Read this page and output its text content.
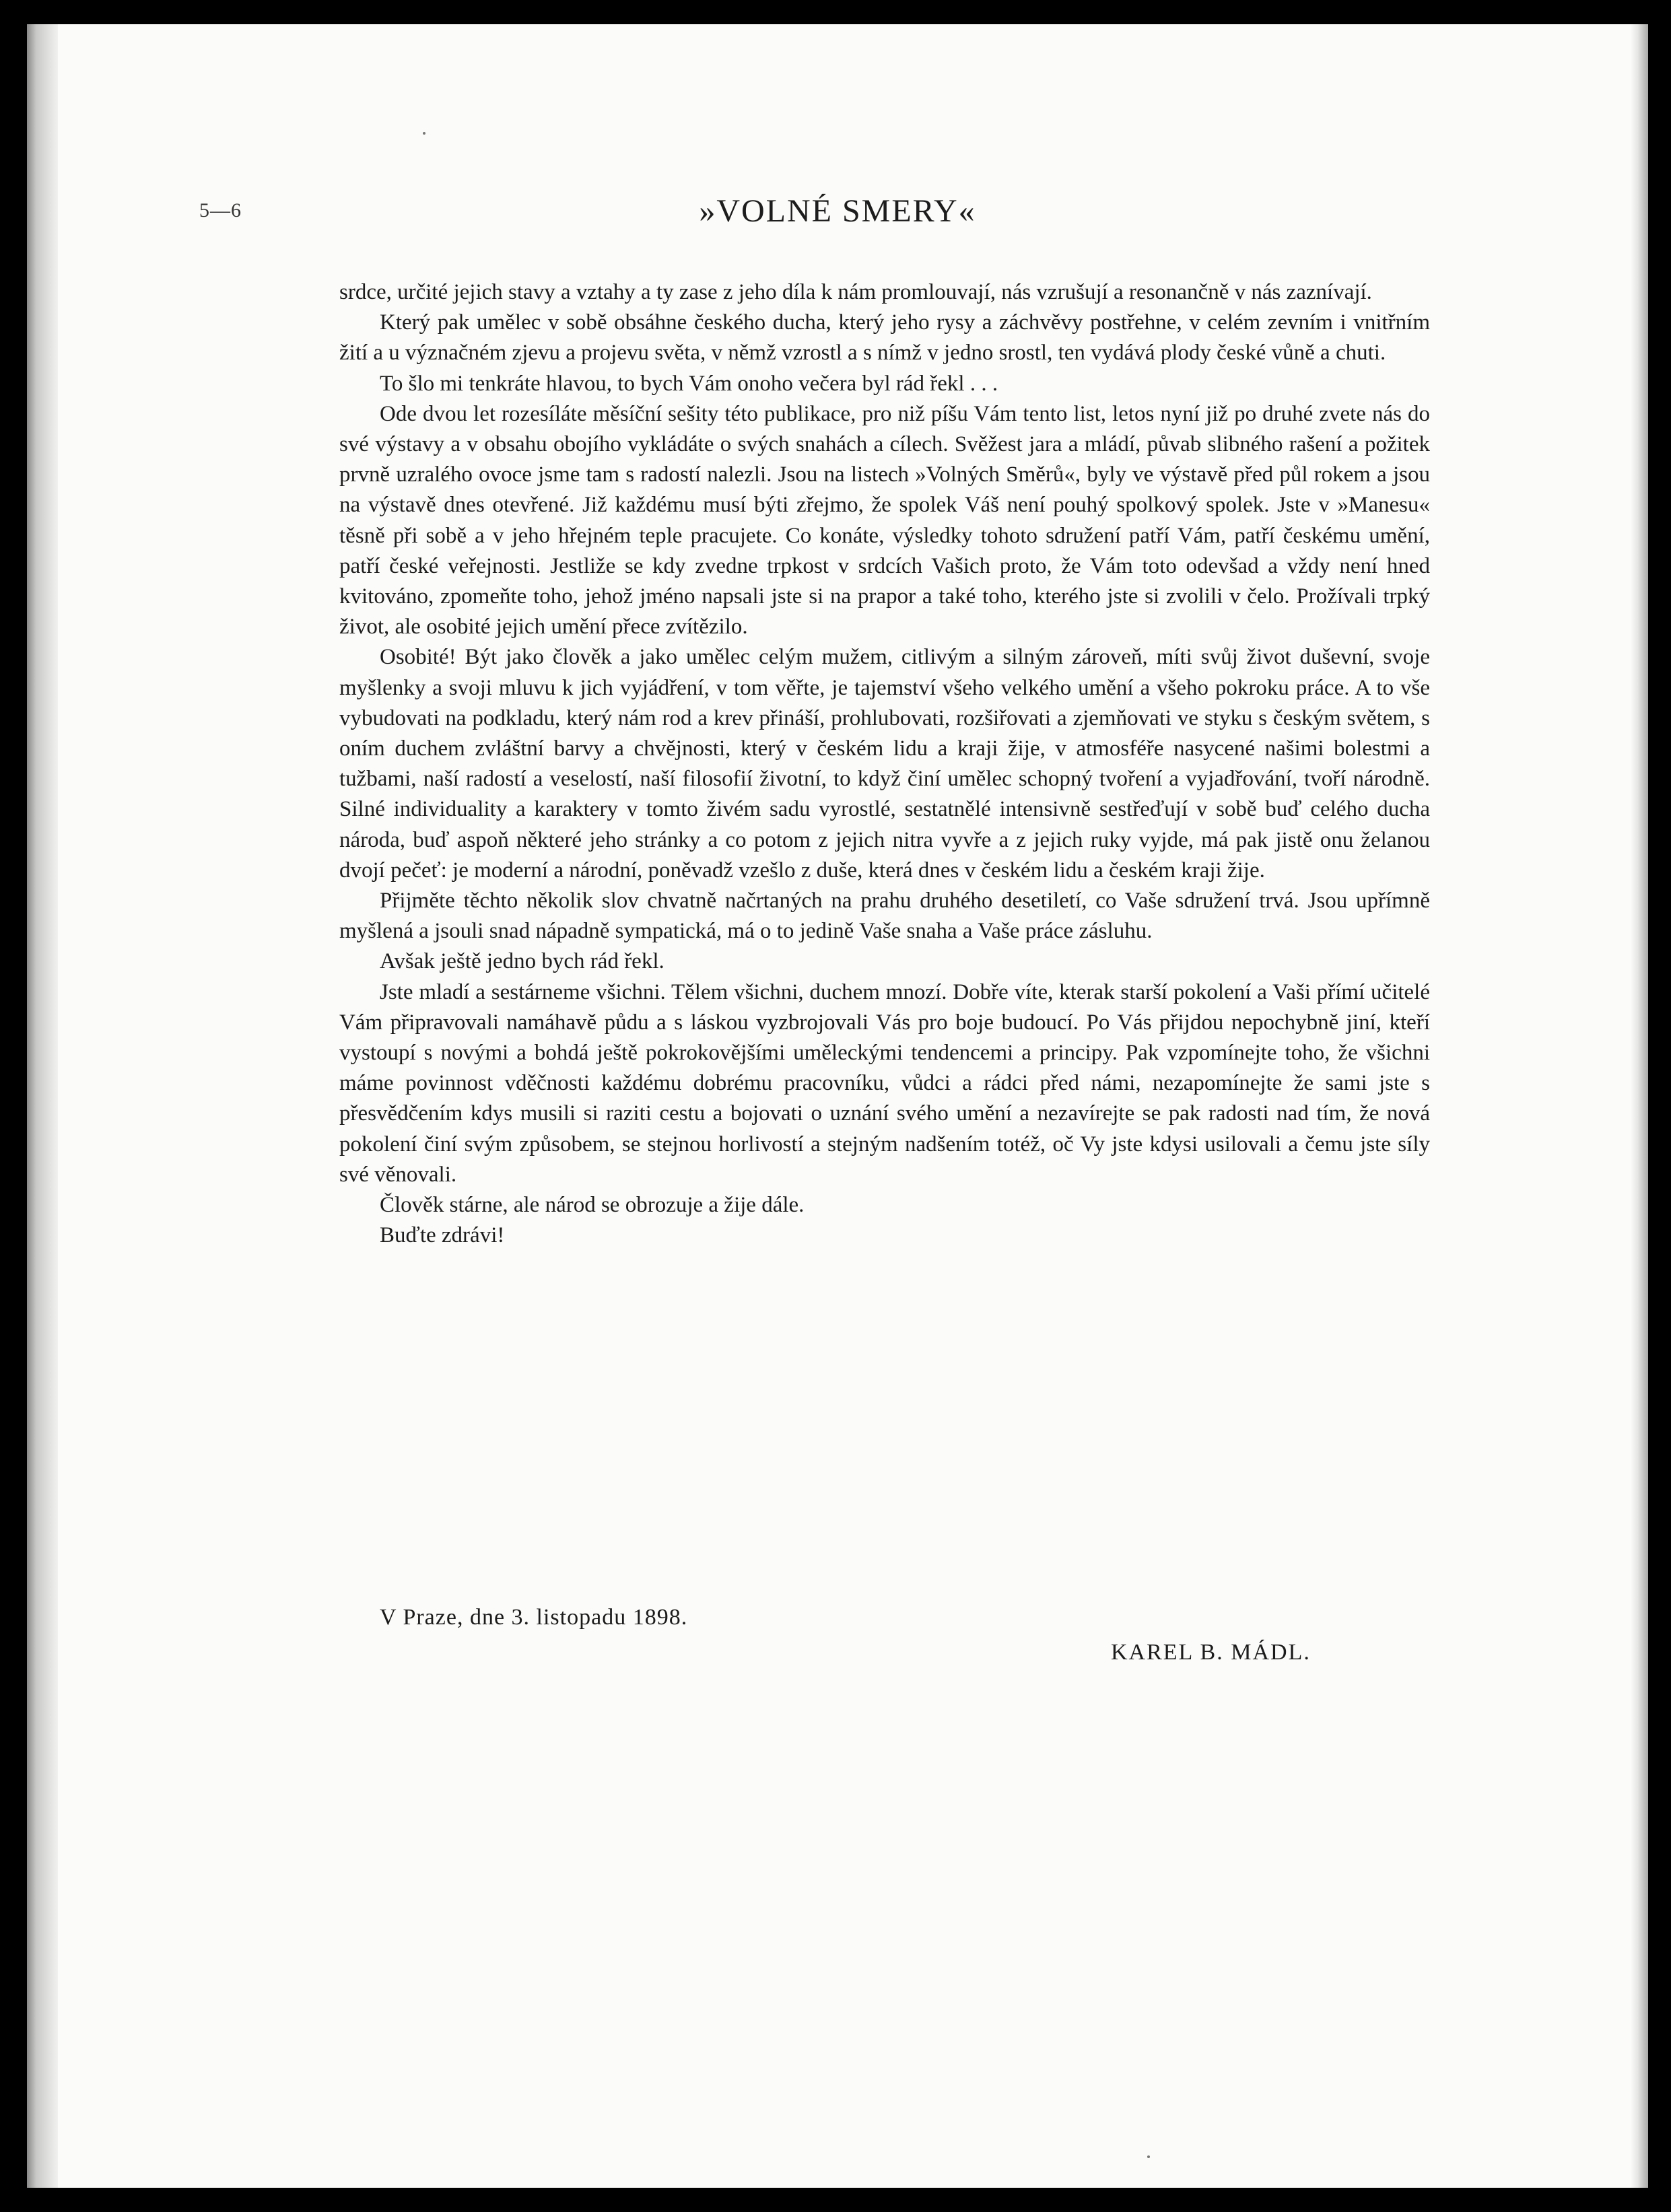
5—6	»VOLNÉ SMERY«

srdce, určité jejich stavy a vztahy a ty zase z jeho díla k nám promlouvají, nás vzrušují a resonančně v nás zaznívají.

Který pak umělec v sobě obsáhne českého ducha, který jeho rysy a záchvěvy postřehne, v celém zevním i vnitřním žití a u význačném zjevu a projevu světa, v němž vzrostl a s nímž v jedno srostl, ten vydává plody české vůně a chuti.

To šlo mi tenkráte hlavou, to bych Vám onoho večera byl rád řekl . . .

Ode dvou let rozesíláte měsíční sešity této publikace, pro niž píšu Vám tento list, letos nyní již po druhé zvete nás do své výstavy a v obsahu obojího vykládáte o svých snahách a cílech. Svěžest jara a mládí, půvab slibného rašení a požitek prvně uzralého ovoce jsme tam s radostí nalezli. Jsou na listech »Volných Směrů«, byly ve výstavě před půl rokem a jsou na výstavě dnes otevřené. Již každému musí býti zřejmo, že spolek Váš není pouhý spolkový spolek. Jste v »Manesu« těsně při sobě a v jeho hřejném teple pracujete. Co konáte, výsledky tohoto sdružení patří Vám, patří českému umění, patří české veřejnosti. Jestliže se kdy zvedne trpkost v srdcích Vašich proto, že Vám toto odevšad a vždy není hned kvitováno, zpomeňte toho, jehož jméno napsali jste si na prapor a také toho, kterého jste si zvolili v čelo. Prožívali trpký život, ale osobité jejich umění přece zvítězilo.

Osobité! Být jako člověk a jako umělec celým mužem, citlivým a silným zároveň, míti svůj život duševní, svoje myšlenky a svoji mluvu k jich vyjádření, v tom věřte, je tajemství všeho velkého umění a všeho pokroku práce. A to vše vybudovati na podkladu, který nám rod a krev přináší, prohlubovati, rozšiřovati a zjemňovati ve styku s českým světem, s oním duchem zvláštní barvy a chvějnosti, který v českém lidu a kraji žije, v atmosféře nasycené našimi bolestmi a tužbami, naší radostí a veselostí, naší filosofií životní, to když činí umělec schopný tvoření a vyjadřování, tvoří národně. Silné individuality a karaktery v tomto živém sadu vyrostlé, sestatnělé intensivně sestřeďují v sobě buď celého ducha národa, buď aspoň některé jeho stránky a co potom z jejich nitra vyvře a z jejich ruky vyjde, má pak jistě onu želanou dvojí pečeť: je moderní a národní, poněvadž vzešlo z duše, která dnes v českém lidu a českém kraji žije.

Přijměte těchto několik slov chvatně načrtaných na prahu druhého desetiletí, co Vaše sdružení trvá. Jsou upřímně myšlená a jsouli snad nápadně sympatická, má o to jedině Vaše snaha a Vaše práce zásluhu.

Avšak ještě jedno bych rád řekl.

Jste mladí a sestárneme všichni. Tělem všichni, duchem mnozí. Dobře víte, kterak starší pokolení a Vaši přímí učitelé Vám připravovali namáhavě půdu a s láskou vyzbrojovali Vás pro boje budoucí. Po Vás přijdou nepochybně jiní, kteří vystoupí s novými a bohdá ještě pokrokovějšími uměleckými tendencemi a principy. Pak vzpomínejte toho, že všichni máme povinnost vděčnosti každému dobrému pracovníku, vůdci a rádci před námi, nezapomínejte že sami jste s přesvědčením kdys musili si raziti cestu a bojovati o uznání svého umění a nezavírejte se pak radosti nad tím, že nová pokolení činí svým způsobem, se stejnou horlivostí a stejným nadšením totéž, oč Vy jste kdysi usilovali a čemu jste síly své věnovali.

Člověk stárne, ale národ se obrozuje a žije dále.

Buďte zdrávi!

V Praze, dne 3. listopadu 1898.
KAREL B. MÁDL.
